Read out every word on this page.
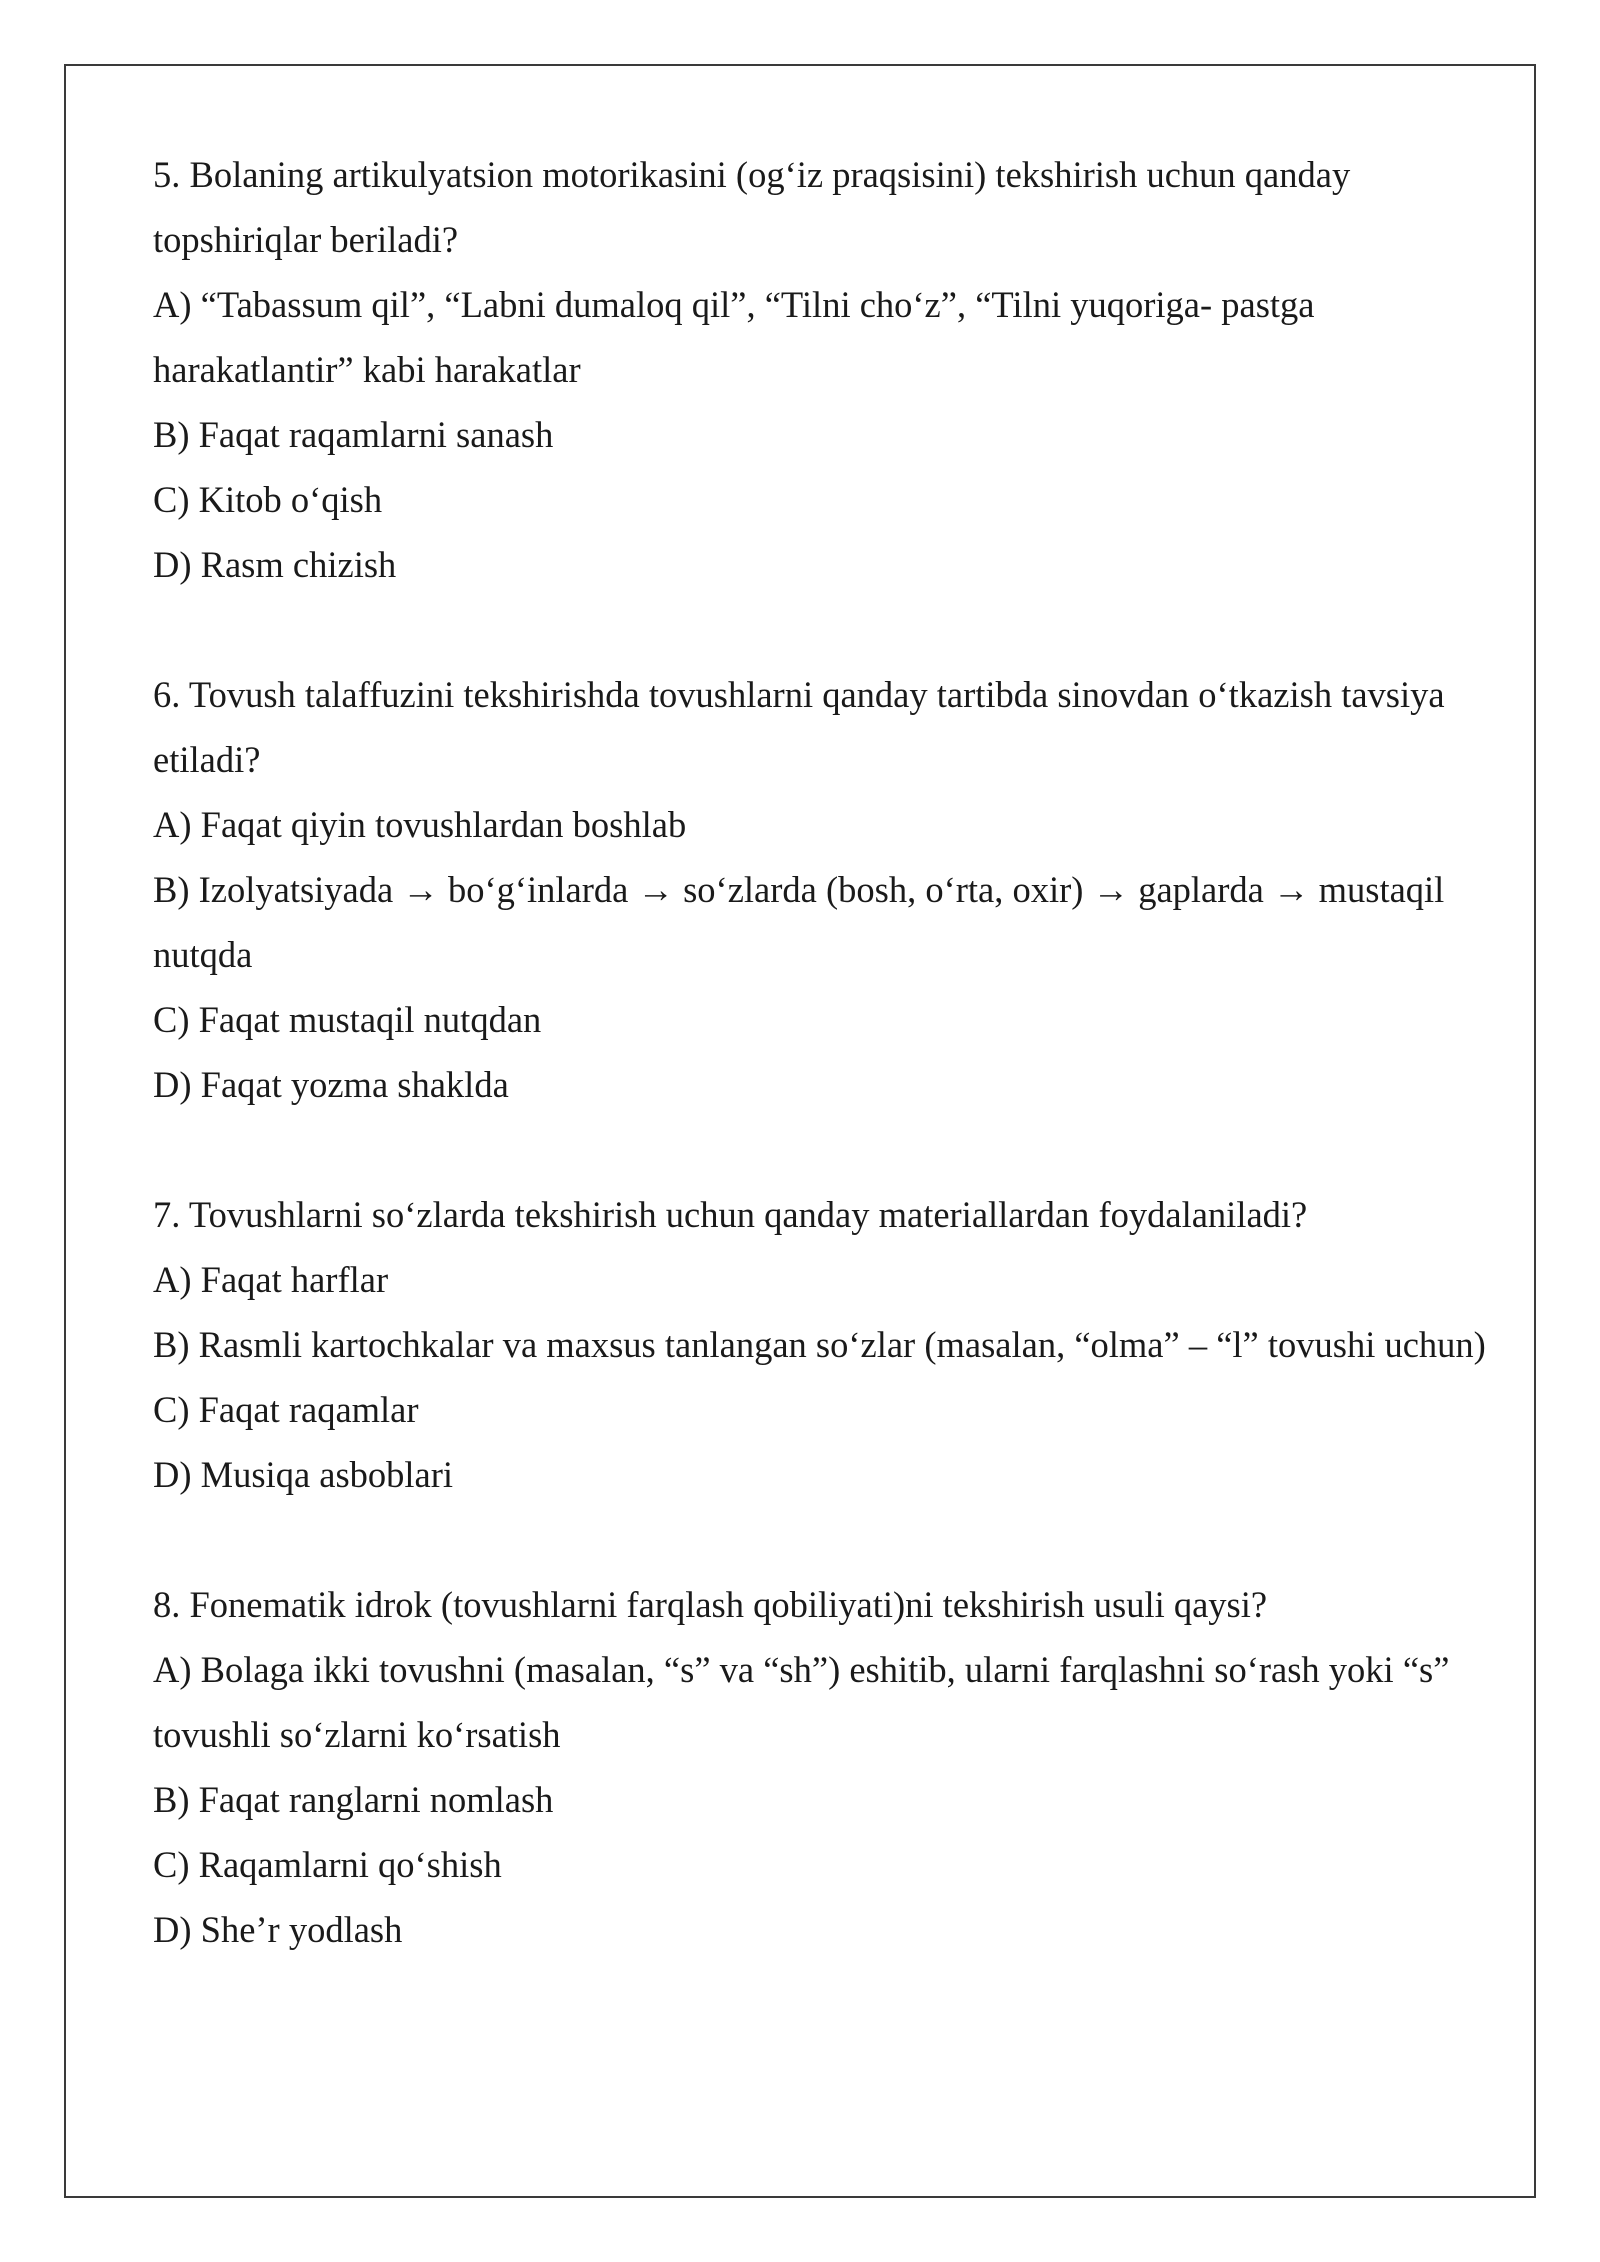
5. Bolaning artikulyatsion motorikasini (og‘iz praqsisini) tekshirish uchun qanday topshiriqlar beriladi?

A) “Tabassum qil”, “Labni dumaloq qil”, “Tilni cho‘z”, “Tilni yuqoriga- pastga harakatlantir” kabi harakatlar

B) Faqat raqamlarni sanash

C) Kitob o‘qish

D) Rasm chizish

6. Tovush talaffuzini tekshirishda tovushlarni qanday tartibda sinovdan o‘tkazish tavsiya etiladi?

A) Faqat qiyin tovushlardan boshlab

B) Izolyatsiyada → bo‘g‘inlarda → so‘zlarda (bosh, o‘rta, oxir) → gaplarda → mustaqil nutqda

C) Faqat mustaqil nutqdan

D) Faqat yozma shaklda

7. Tovushlarni so‘zlarda tekshirish uchun qanday materiallardan foydalaniladi?

A) Faqat harflar

B) Rasmli kartochkalar va maxsus tanlangan so‘zlar (masalan, “olma” – “l” tovushi uchun)

C) Faqat raqamlar

D) Musiqa asboblari

8. Fonematik idrok (tovushlarni farqlash qobiliyati)ni tekshirish usuli qaysi?

A) Bolaga ikki tovushni (masalan, “s” va “sh”) eshitib, ularni farqlashni so‘rash yoki “s” tovushli so‘zlarni ko‘rsatish

B) Faqat ranglarni nomlash

C) Raqamlarni qo‘shish

D) She’r yodlash
